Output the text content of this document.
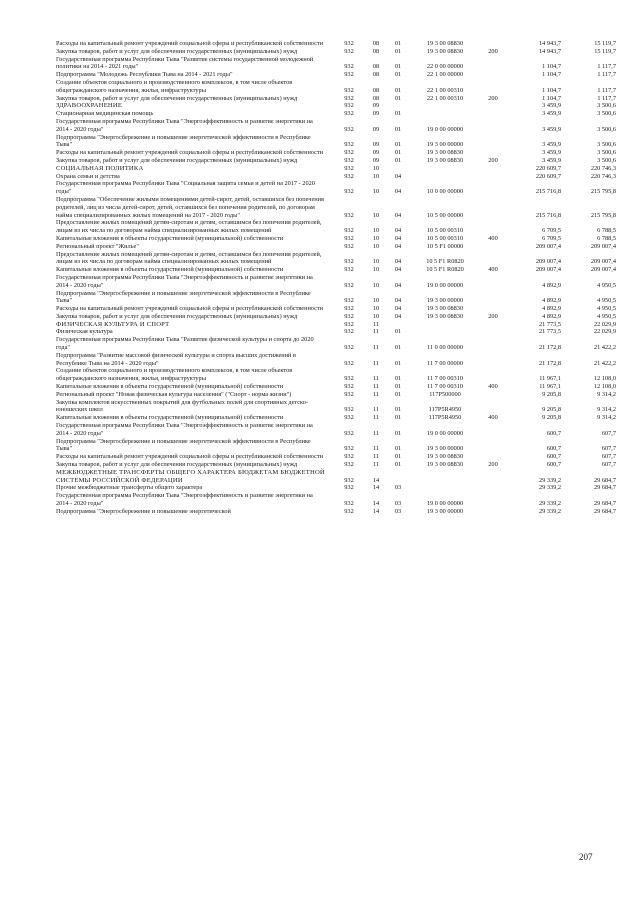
Расходы на капитальный ремонт учреждений социальной сферы и республиканской собственности	932	08	01	19 3 00 08830		14 943,7	15 119,7
Закупка товаров, работ и услуг для обеспечения государственных (муниципальных) нужд	932	08	01	19 3 00 08830	200	14 943,7	15 119,7
Государственная программа Республики Тыва "Развитие системы государственной молодежной политики на 2014 - 2021 годы"	932	08	01	22 0 00 00000		1 104,7	1 117,7
Подпрограмма "Молодежь Республики Тыва на 2014 - 2021 годы"	932	08	01	22 1 00 00000		1 104,7	1 117,7
Создание объектов социального и производственного комплексов, в том числе объектов общегражданского назначения, жилья, инфраструктуры	932	08	01	22 1 00 00310		1 104,7	1 117,7
Закупка товаров, работ и услуг для обеспечения государственных (муниципальных) нужд	932	08	01	22 1 00 00310	200	1 104,7	1 117,7
ЗДРАВООХРАНЕНИЕ	932	09				3 459,9	3 500,6
Стационарная медицинская помощь	932	09	01			3 459,9	3 500,6
Государственная программа Республики Тыва "Энергоэффективность и развитие энергетики на 2014 - 2020 годы"	932	09	01	19 0 00 00000		3 459,9	3 500,6
Подпрограмма "Энергосбережение и повышение энергетической эффективности в Республике Тыва"	932	09	01	19 3 00 00000		3 459,9	3 500,6
Расходы на капитальный ремонт учреждений социальной сферы и республиканской собственности	932	09	01	19 3 00 08830		3 459,9	3 500,6
Закупка товаров, работ и услуг для обеспечения государственных (муниципальных) нужд	932	09	01	19 3 00 08830	200	3 459,9	3 500,6
СОЦИАЛЬНАЯ ПОЛИТИКА	932	10				220 609,7	220 746,3
Охрана семьи и детства	932	10	04			220 609,7	220 746,3
Государственная программа Республики Тыва "Социальная защита семьи и детей на 2017 - 2020 годы"	932	10	04	10 0 00 00000		215 716,8	215 795,8
Подпрограмма "Обеспечение жилыми помещениями детей-сирот, детей, оставшихся без попечения родителей, лиц из числа детей-сирот, детей, оставшихся без попечения родителей, по договорам найма специализированных жилых помещений на 2017 - 2020 годы"	932	10	04	10 5 00 00000		215 716,8	215 795,8
Предоставление жилых помещений детям-сиротам и детям, оставшимся без попечения родителей, лицам из их числа по договорам найма специализированных жилых помещений	932	10	04	10 5 00 00310		6 709,5	6 788,5
Капитальные вложения в объекты государственной (муниципальной) собственности	932	10	04	10 5 00 00310	400	6 709,5	6 788,5
Региональный проект "Жилье"	932	10	04	10 5 F1 00000		209 007,4	209 007,4
Предоставление жилых помещений детям-сиротам и детям, оставшимся без попечения родителей, лицам из их числа по договорам найма специализированных жилых помещений	932	10	04	10 5 F1 R0820		209 007,4	209 007,4
Капитальные вложения в объекты государственной (муниципальной) собственности	932	10	04	10 5 F1 R0820	400	209 007,4	209 007,4
Государственная программа Республики Тыва "Энергоэффективность и развитие энергетики на 2014 - 2020 годы"	932	10	04	19 0 00 00000		4 892,9	4 950,5
Подпрограмма "Энергосбережение и повышение энергетической эффективности в Республике Тыва"	932	10	04	19 3 00 00000		4 892,9	4 950,5
Расходы на капитальный ремонт учреждений социальной сферы и республиканской собственности	932	10	04	19 3 00 08830		4 892,9	4 950,5
Закупка товаров, работ и услуг для обеспечения государственных (муниципальных) нужд	932	10	04	19 3 00 08830	200	4 892,9	4 950,5
ФИЗИЧЕСКАЯ КУЛЬТУРА И СПОРТ	932	11				21 773,5	22 029,9
Физическая культура	932	11	01			21 773,5	22 029,9
Государственная программа Республики Тыва "Развитие физической культуры и спорта до 2020 года"	932	11	01	11 0 00 00000		21 172,8	21 422,2
Подпрограмма "Развитие массовой физической культуры и спорта высших достижений в Республике Тыва на 2014 - 2020 годы"	932	11	01	11 7 00 00000		21 172,8	21 422,2
Создание объектов социального и производственного комплексов, в том числе объектов общегражданского назначения, жилья, инфраструктуры	932	11	01	11 7 00 00310		11 967,1	12 108,0
Капитальные вложения в объекты государственной (муниципальной) собственности	932	11	01	11 7 00 00310	400	11 967,1	12 108,0
Региональный проект "Новая физическая культура населения" ("Спорт - норма жизни")	932	11	01	117P500000		9 205,8	9 314,2
Закупка комплектов искусственных покрытий для футбольных полей для спортивных детско-юношеских школ	932	11	01	117P5R4950		9 205,8	9 314,2
Капитальные вложения в объекты государственной (муниципальной) собственности	932	11	01	117P5R4950	400	9 205,8	9 314,2
Государственная программа Республики Тыва "Энергоэффективность и развитие энергетики на 2014 - 2020 годы"	932	11	01	19 0 00 00000		600,7	607,7
Подпрограмма "Энергосбережение и повышение энергетической эффективности в Республике Тыва"	932	11	01	19 3 00 00000		600,7	607,7
Расходы на капитальный ремонт учреждений социальной сферы и республиканской собственности	932	11	01	19 3 00 08830		600,7	607,7
Закупка товаров, работ и услуг для обеспечения государственных (муниципальных) нужд	932	11	01	19 3 00 08830	200	600,7	607,7
МЕЖБЮДЖЕТНЫЕ ТРАНСФЕРТЫ ОБЩЕГО ХАРАКТЕРА БЮДЖЕТАМ БЮДЖЕТНОЙ СИСТЕМЫ РОССИЙСКОЙ ФЕДЕРАЦИИ	932	14				29 339,2	29 684,7
Прочие межбюджетные трансферты общего характера	932	14	03			29 339,2	29 684,7
Государственная программа Республики Тыва "Энергоэффективность и развитие энергетики на 2014 - 2020 годы"	932	14	03	19 0 00 00000		29 339,2	29 684,7
Подпрограмма "Энергосбережение и повышение энергетической	932	14	03	19 3 00 00000		29 339,2	29 684,7
207
